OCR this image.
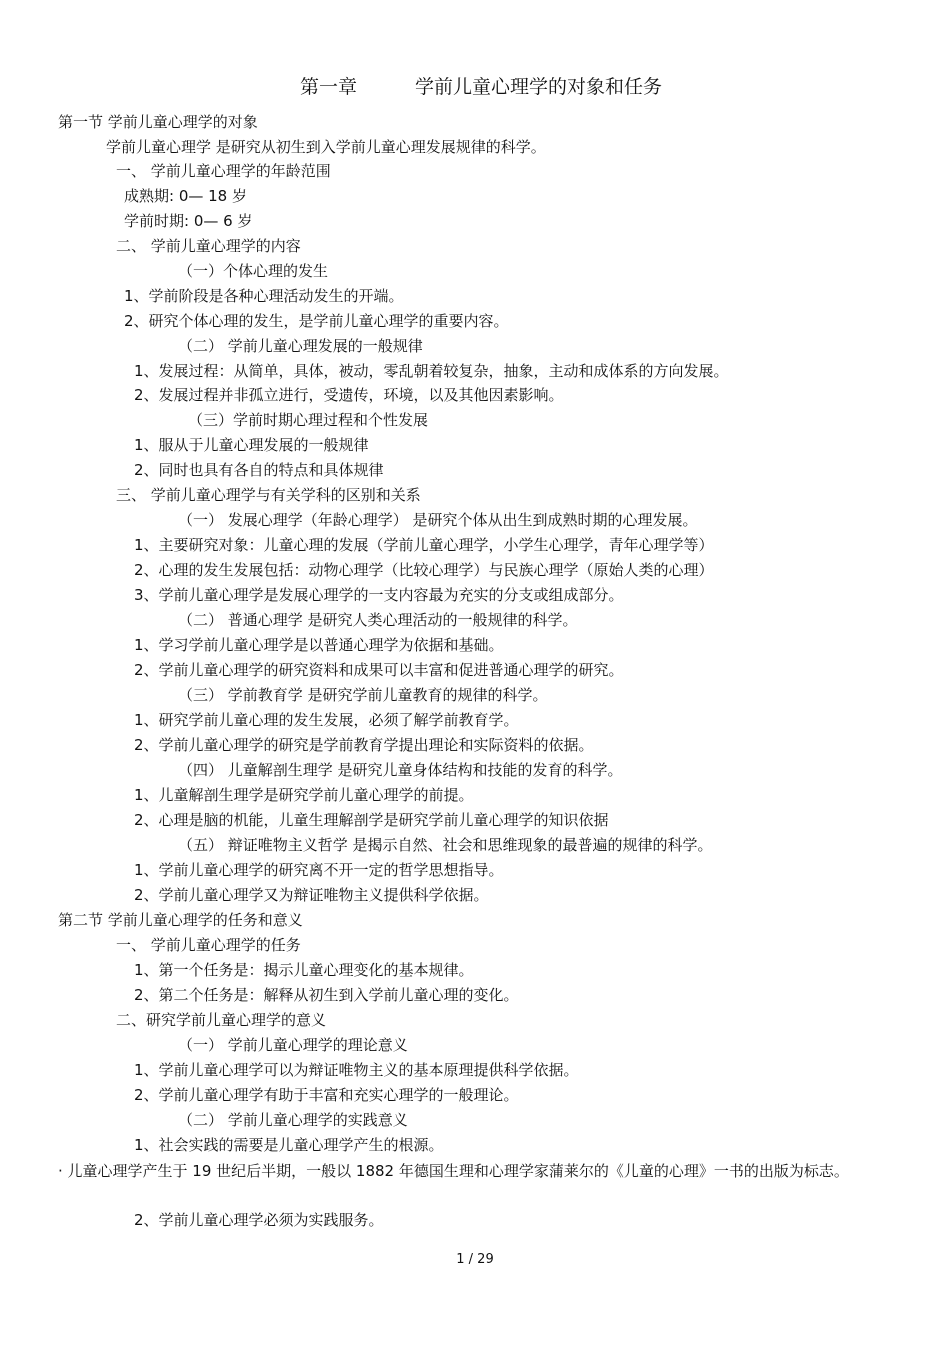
第一章	学前儿童心理学的对象和任务
第一节 学前儿童心理学的对象
学前儿童心理学 是研究从初生到入学前儿童心理发展规律的科学。
一、 学前儿童心理学的年龄范围
成熟期: 0— 18 岁
学前时期: 0— 6 岁
二、 学前儿童心理学的内容
（一）个体心理的发生
1、学前阶段是各种心理活动发生的开端。
2、研究个体心理的发生，是学前儿童心理学的重要内容。
（二） 学前儿童心理发展的一般规律
1、发展过程：从简单，具体，被动，零乱朝着较复杂，抽象，主动和成体系的方向发展。
2、发展过程并非孤立进行，受遗传，环境，以及其他因素影响。
（三）学前时期心理过程和个性发展
1、服从于儿童心理发展的一般规律
2、同时也具有各自的特点和具体规律
三、 学前儿童心理学与有关学科的区别和关系
（一） 发展心理学（年龄心理学） 是研究个体从出生到成熟时期的心理发展。
1、主要研究对象：儿童心理的发展（学前儿童心理学，小学生心理学，青年心理学等）
2、心理的发生发展包括：动物心理学（比较心理学）与民族心理学（原始人类的心理）
3、学前儿童心理学是发展心理学的一支内容最为充实的分支或组成部分。
（二） 普通心理学 是研究人类心理活动的一般规律的科学。
1、学习学前儿童心理学是以普通心理学为依据和基础。
2、学前儿童心理学的研究资料和成果可以丰富和促进普通心理学的研究。
（三） 学前教育学 是研究学前儿童教育的规律的科学。
1、研究学前儿童心理的发生发展，必须了解学前教育学。
2、学前儿童心理学的研究是学前教育学提出理论和实际资料的依据。
（四） 儿童解剖生理学 是研究儿童身体结构和技能的发育的科学。
1、儿童解剖生理学是研究学前儿童心理学的前提。
2、心理是脑的机能，儿童生理解剖学是研究学前儿童心理学的知识依据
（五） 辩证唯物主义哲学 是揭示自然、社会和思维现象的最普遍的规律的科学。
1、学前儿童心理学的研究离不开一定的哲学思想指导。
2、学前儿童心理学又为辩证唯物主义提供科学依据。
第二节 学前儿童心理学的任务和意义
一、 学前儿童心理学的任务
1、第一个任务是：揭示儿童心理变化的基本规律。
2、第二个任务是：解释从初生到入学前儿童心理的变化。
二、研究学前儿童心理学的意义
（一） 学前儿童心理学的理论意义
1、学前儿童心理学可以为辩证唯物主义的基本原理提供科学依据。
2、学前儿童心理学有助于丰富和充实心理学的一般理论。
（二） 学前儿童心理学的实践意义
1、社会实践的需要是儿童心理学产生的根源。
· 儿童心理学产生于 19 世纪后半期，一般以 1882 年德国生理和心理学家蒲莱尔的《儿童的心理》一书的出版为标志。
2、学前儿童心理学必须为实践服务。
1 / 29
